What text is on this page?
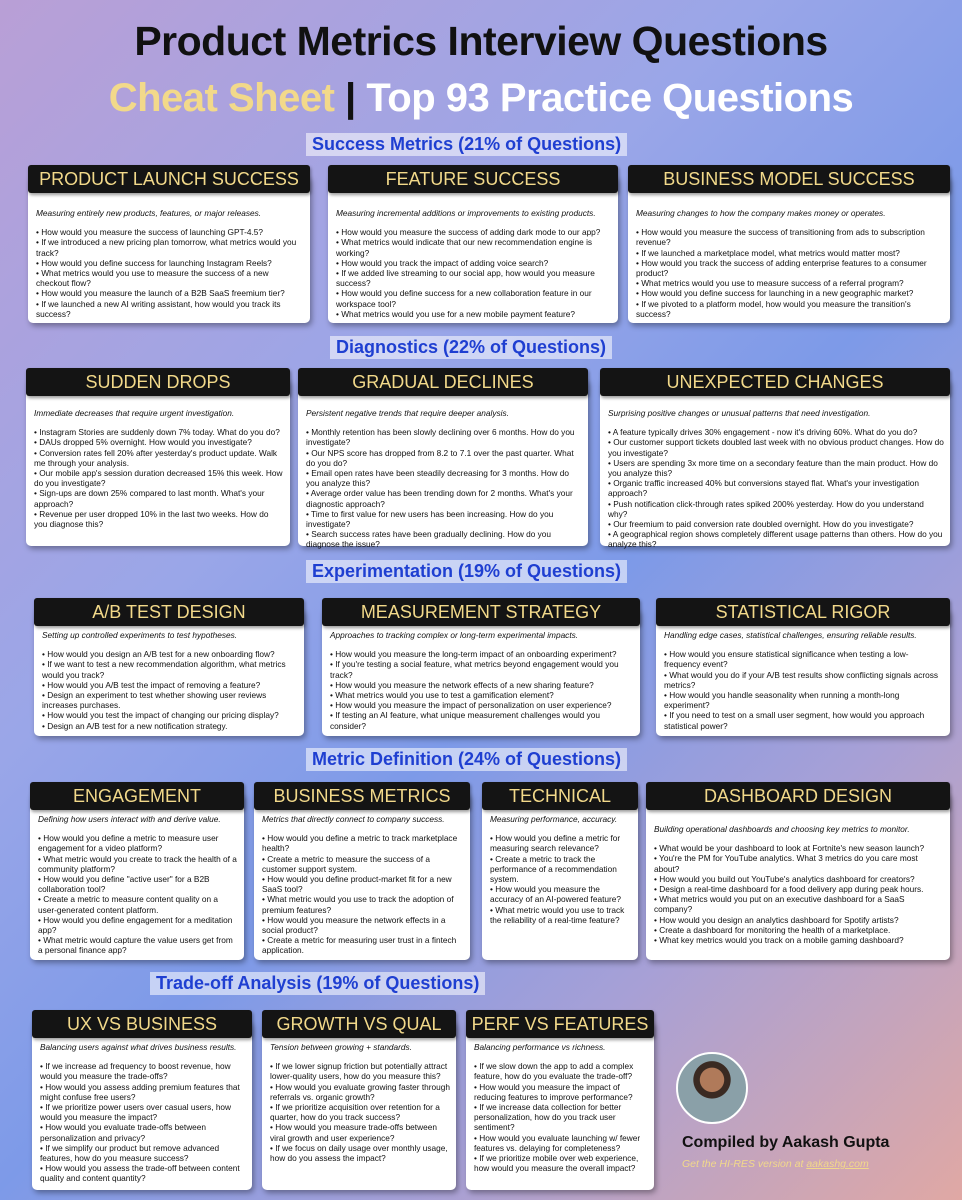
Product Metrics Interview Questions
Cheat Sheet | Top 93 Practice Questions
Success Metrics (21% of Questions)
Diagnostics (22% of Questions)
Experimentation (19% of Questions)
Metric Definition (24% of Questions)
Trade-off Analysis (19% of Questions)
Measuring entirely new products, features, or major releases.
• How would you measure the success of launching GPT-4.5?
• If we introduced a new pricing plan tomorrow, what metrics would you track?
• How would you define success for launching Instagram Reels?
• What metrics would you use to measure the success of a new checkout flow?
• How would you measure the launch of a B2B SaaS freemium tier?
• If we launched a new AI writing assistant, how would you track its success?
PRODUCT LAUNCH SUCCESS
Measuring incremental additions or improvements to existing products.
• How would you measure the success of adding dark mode to our app?
• What metrics would indicate that our new recommendation engine is working?
• How would you track the impact of adding voice search?
• If we added live streaming to our social app, how would you measure success?
• How would you define success for a new collaboration feature in our workspace tool?
• What metrics would you use for a new mobile payment feature?
FEATURE SUCCESS
Measuring changes to how the company makes money or operates.
• How would you measure the success of transitioning from ads to subscription revenue?
• If we launched a marketplace model, what metrics would matter most?
• How would you track the success of adding enterprise features to a consumer product?
• What metrics would you use to measure success of a referral program?
• How would you define success for launching in a new geographic market?
• If we pivoted to a platform model, how would you measure the transition's success?
BUSINESS MODEL SUCCESS
Immediate decreases that require urgent investigation.
• Instagram Stories are suddenly down 7% today. What do you do?
• DAUs dropped 5% overnight. How would you investigate?
• Conversion rates fell 20% after yesterday's product update. Walk me through your analysis.
• Our mobile app's session duration decreased 15% this week. How do you investigate?
• Sign-ups are down 25% compared to last month. What's your approach?
• Revenue per user dropped 10% in the last two weeks. How do you diagnose this?
SUDDEN DROPS
Persistent negative trends that require deeper analysis.
• Monthly retention has been slowly declining over 6 months. How do you investigate?
• Our NPS score has dropped from 8.2 to 7.1 over the past quarter. What do you do?
• Email open rates have been steadily decreasing for 3 months. How do you analyze this?
• Average order value has been trending down for 2 months. What's your diagnostic approach?
• Time to first value for new users has been increasing. How do you investigate?
• Search success rates have been gradually declining. How do you diagnose the issue?
GRADUAL DECLINES
Surprising positive changes or unusual patterns that need investigation.
• A feature typically drives 30% engagement - now it's driving 60%. What do you do?
• Our customer support tickets doubled last week with no obvious product changes. How do you investigate?
• Users are spending 3x more time on a secondary feature than the main product. How do you analyze this?
• Organic traffic increased 40% but conversions stayed flat. What's your investigation approach?
• Push notification click-through rates spiked 200% yesterday. How do you understand why?
• Our freemium to paid conversion rate doubled overnight. How do you investigate?
• A geographical region shows completely different usage patterns than others. How do you analyze this?
UNEXPECTED CHANGES
Setting up controlled experiments to test hypotheses.
• How would you design an A/B test for a new onboarding flow?
• If we want to test a new recommendation algorithm, what metrics would you track?
• How would you A/B test the impact of removing a feature?
• Design an experiment to test whether showing user reviews increases purchases.
• How would you test the impact of changing our pricing display?
• Design an A/B test for a new notification strategy.
A/B TEST DESIGN
Approaches to tracking complex or long-term experimental impacts.
• How would you measure the long-term impact of an onboarding experiment?
• If you're testing a social feature, what metrics beyond engagement would you track?
• How would you measure the network effects of a new sharing feature?
• What metrics would you use to test a gamification element?
• How would you measure the impact of personalization on user experience?
• If testing an AI feature, what unique measurement challenges would you consider?
MEASUREMENT STRATEGY
Handling edge cases, statistical challenges, ensuring reliable results.
• How would you ensure statistical significance when testing a low-frequency event?
• What would you do if your A/B test results show conflicting signals across metrics?
• How would you handle seasonality when running a month-long experiment?
• If you need to test on a small user segment, how would you approach statistical power?
STATISTICAL RIGOR
Defining how users interact with and derive value.
• How would you define a metric to measure user engagement for a video platform?
• What metric would you create to track the health of a community platform?
• How would you define "active user" for a B2B collaboration tool?
• Create a metric to measure content quality on a user-generated content platform.
• How would you define engagement for a meditation app?
• What metric would capture the value users get from a personal finance app?
ENGAGEMENT
Metrics that directly connect to company success.
• How would you define a metric to track marketplace health?
• Create a metric to measure the success of a customer support system.
• How would you define product-market fit for a new SaaS tool?
• What metric would you use to track the adoption of premium features?
• How would you measure the network effects in a social product?
• Create a metric for measuring user trust in a fintech application.
BUSINESS METRICS
Measuring performance, accuracy.
• How would you define a metric for measuring search relevance?
• Create a metric to track the performance of a recommendation system.
• How would you measure the accuracy of an AI-powered feature?
• What metric would you use to track the reliability of a real-time feature?
TECHNICAL
Building operational dashboards and choosing key metrics to monitor.
• What would be your dashboard to look at Fortnite's new season launch?
• You're the PM for YouTube analytics. What 3 metrics do you care most about?
• How would you build out YouTube's analytics dashboard for creators?
• Design a real-time dashboard for a food delivery app during peak hours.
• What metrics would you put on an executive dashboard for a SaaS company?
• How would you design an analytics dashboard for Spotify artists?
• Create a dashboard for monitoring the health of a marketplace.
• What key metrics would you track on a mobile gaming dashboard?
DASHBOARD DESIGN
Balancing users against what drives business results.
• If we increase ad frequency to boost revenue, how would you measure the trade-offs?
• How would you assess adding premium features that might confuse free users?
• If we prioritize power users over casual users, how would you measure the impact?
• How would you evaluate trade-offs between personalization and privacy?
• If we simplify our product but remove advanced features, how do you measure success?
• How would you assess the trade-off between content quality and content quantity?
UX VS BUSINESS
Tension between growing + standards.
• If we lower signup friction but potentially attract lower-quality users, how do you measure this?
• How would you evaluate growing faster through referrals vs. organic growth?
• If we prioritize acquisition over retention for a quarter, how do you track success?
• How would you measure trade-offs between viral growth and user experience?
• If we focus on daily usage over monthly usage, how do you assess the impact?
GROWTH VS QUAL
Balancing performance vs richness.
• If we slow down the app to add a complex feature, how do you evaluate the trade-off?
• How would you measure the impact of reducing features to improve performance?
• If we increase data collection for better personalization, how do you track user sentiment?
• How would you evaluate launching w/ fewer features vs. delaying for completeness?
• If we prioritize mobile over web experience, how would you measure the overall impact?
PERF VS FEATURES
Compiled by Aakash Gupta
Get the HI-RES version at aakashg.com
